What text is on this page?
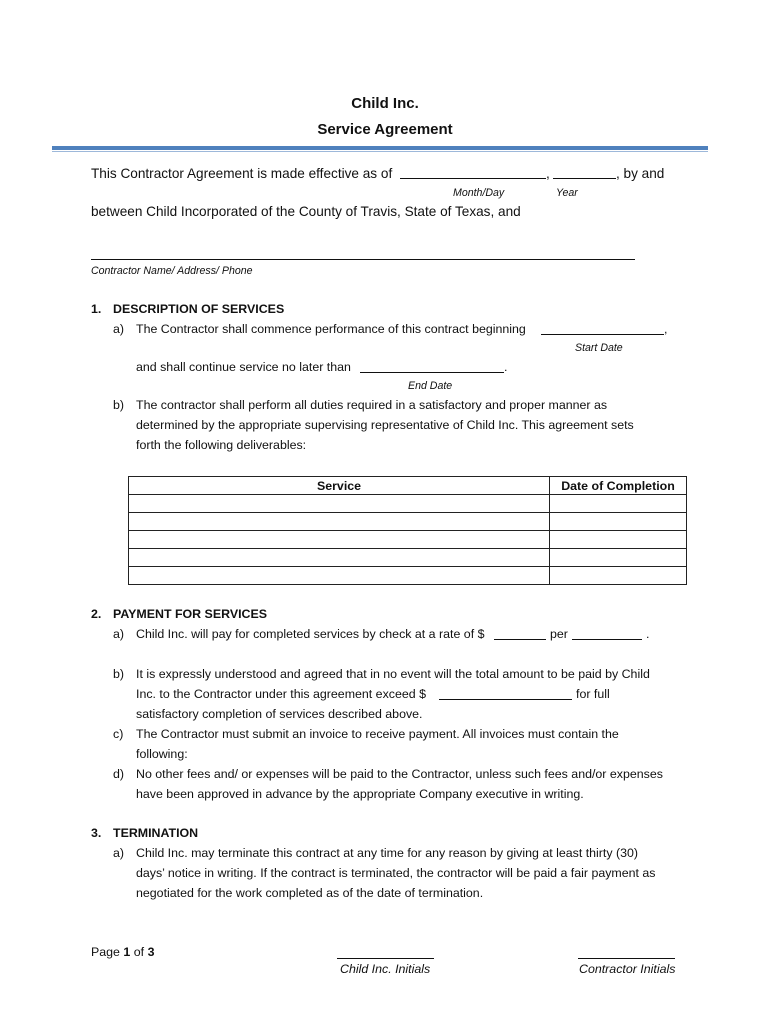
Child Inc.
Service Agreement
This Contractor Agreement is made effective as of	,	, by and
Month/Day	Year
between Child Incorporated of the County of Travis, State of Texas, and
Contractor Name/ Address/ Phone
1. DESCRIPTION OF SERVICES
a) The Contractor shall commence performance of this contract beginning	,
Start Date
and shall continue service no later than	.
End Date
b) The contractor shall perform all duties required in a satisfactory and proper manner as
determined by the appropriate supervising representative of Child Inc. This agreement sets
forth the following deliverables:
Service	Date of Completion

2. PAYMENT FOR SERVICES
a) Child Inc. will pay for completed services by check at a rate of $	per	.
b) It is expressly understood and agreed that in no event will the total amount to be paid by Child
Inc. to the Contractor under this agreement exceed $	for full
satisfactory completion of services described above.
c) The Contractor must submit an invoice to receive payment. All invoices must contain the
following:
d) No other fees and/ or expenses will be paid to the Contractor, unless such fees and/or expenses
have been approved in advance by the appropriate Company executive in writing.
3. TERMINATION
a) Child Inc. may terminate this contract at any time for any reason by giving at least thirty (30)
days’ notice in writing. If the contract is terminated, the contractor will be paid a fair payment as
negotiated for the work completed as of the date of termination.
Page 1 of 3
Child Inc. Initials	Contractor Initials
